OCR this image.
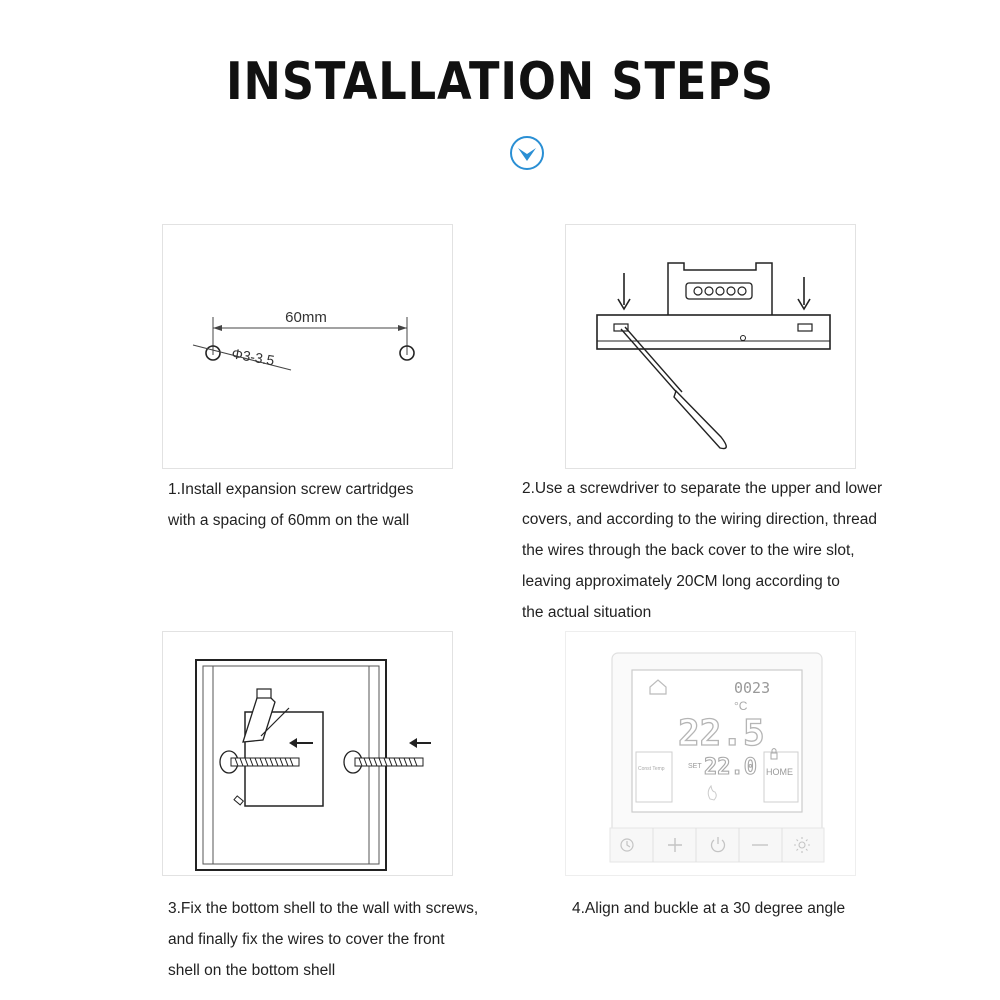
INSTALLATION STEPS
60mm
Φ3-3.5

1.Install expansion screw cartridges
with a spacing of 60mm on the wall

2.Use a screwdriver to separate the upper and lower
covers, and according to the wiring direction, thread
the wires through the back cover to the wire slot,
leaving approximately 20CM long according to
the actual situation

3.Fix the bottom shell to the wall with screws,
and finally fix the wires to cover the front
shell on the bottom shell

0023
°C
22.5
SET 22.0
Const Temp	HOME

4.Align and buckle at a 30 degree angle
